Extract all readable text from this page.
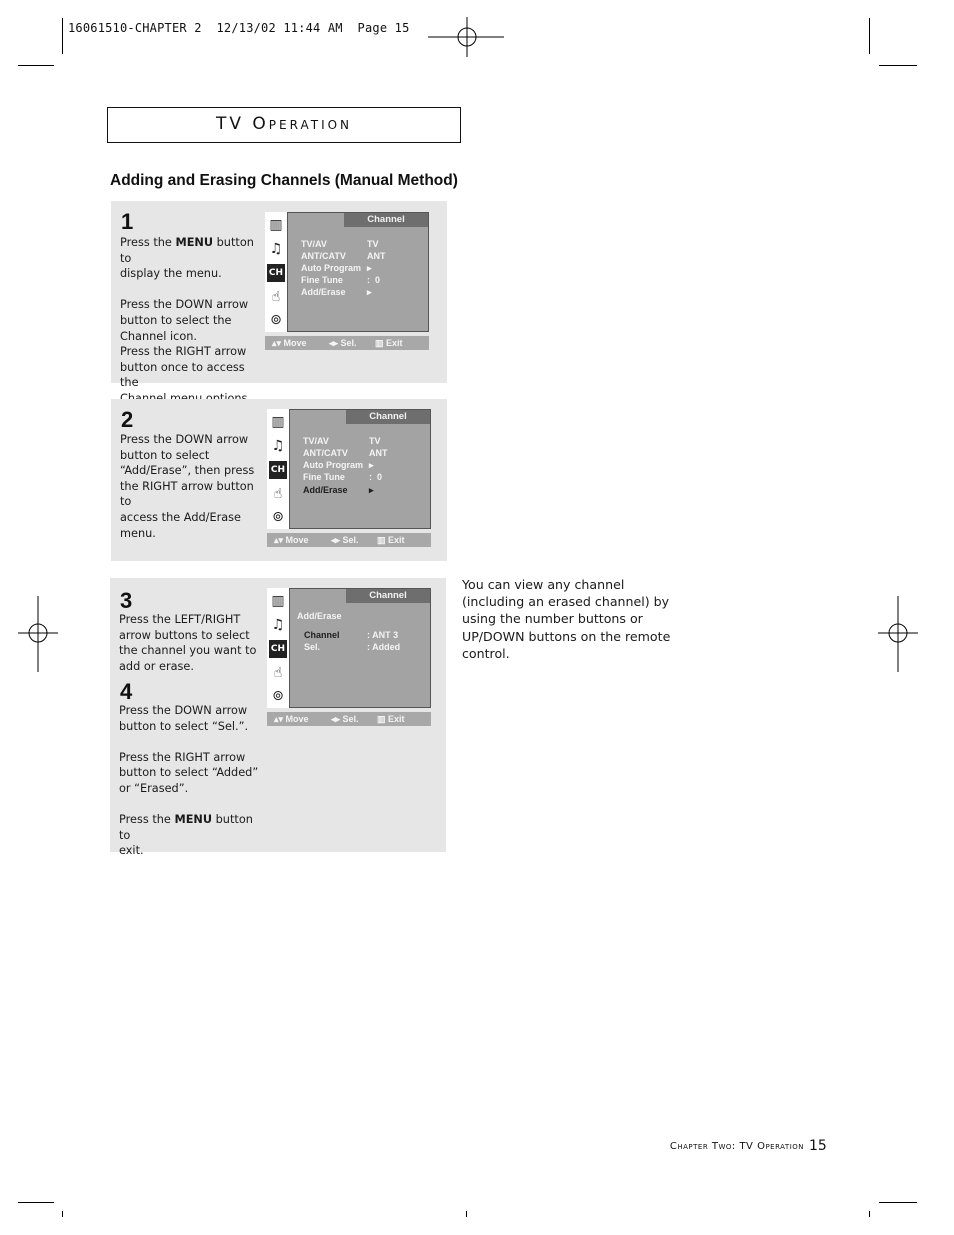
16061510-CHAPTER 2  12/13/02 11:44 AM  Page 15
TV Operation
Adding and Erasing Channels (Manual Method)
1
Press the MENU button to
display the menu.

Press the DOWN arrow
button to select the
Channel icon.
Press the RIGHT arrow
button once to access the

▥
♫
CH
☝
⊚
Channel
TV/AV	TV
ANT/CATV ANT
Auto Program ▸
Fine Tune	:  0
Add/Erase ▸
▴▾ Move ◂▸ Sel. ▥ Exit
2
Press the DOWN arrow
button to select
“Add/Erase”, then press
the RIGHT arrow button to
access the Add/Erase
menu.
▥
♫
CH
☝
⊚
Channel
TV/AV	TV
ANT/CATV ANT
Auto Program ▸
Fine Tune	:  0
Add/Erase ▸
▴▾ Move ◂▸ Sel. ▥ Exit
3
Press the LEFT/RIGHT
arrow buttons to select
the channel you want to
add or erase.
4
Press the DOWN arrow
button to select “Sel.”.

Press the RIGHT arrow
button to select “Added”
or “Erased”.

Press the MENU button to
exit.
▥
♫
CH
☝
⊚
Channel
Add/Erase
Channel	: ANT 3
Sel.	: Added
▴▾ Move ◂▸ Sel. ▥ Exit
You can view any channel (including an erased channel) by using the number buttons or UP/DOWN buttons on the remote control.
Chapter Two: TV Operation 15
